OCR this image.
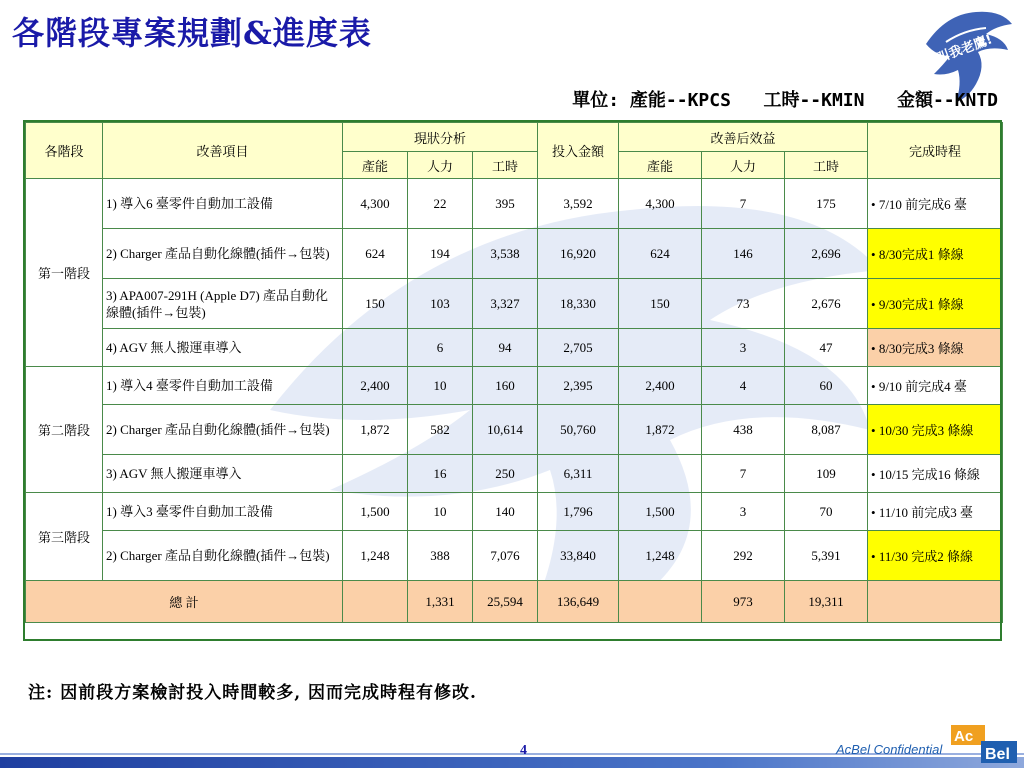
各階段專案規劃&進度表	叫我老鷹!
單位: 產能--KPCS   工時--KMIN   金額--KNTD
各階段	改善項目	現狀分析			投入金額	改善后效益			完成時程
		產能	人力	工時		產能	人力	工時	
第一階段	1) 導入6 臺零件自動加工設備	4,300	22	395	3,592	4,300	7	175	• 7/10 前完成6 臺
	2) Charger 產品自動化線體(插件→包裝)	624	194	3,538	16,920	624	146	2,696	• 8/30完成1 條線
	3) APA007-291H (Apple D7) 產品自動化線體(插件→包裝)	150	103	3,327	18,330	150	73	2,676	• 9/30完成1 條線
	4) AGV 無人搬運車導入		6	94	2,705		3	47	• 8/30完成3 條線
第二階段	1) 導入4 臺零件自動加工設備	2,400	10	160	2,395	2,400	4	60	• 9/10 前完成4 臺
	2) Charger 產品自動化線體(插件→包裝)	1,872	582	10,614	50,760	1,872	438	8,087	• 10/30 完成3 條線
	3) AGV 無人搬運車導入		16	250	6,311		7	109	• 10/15 完成16 條線
第三階段	1) 導入3 臺零件自動加工設備	1,500	10	140	1,796	1,500	3	70	• 11/10 前完成3 臺
	2) Charger 產品自動化線體(插件→包裝)	1,248	388	7,076	33,840	1,248	292	5,391	• 11/30 完成2 條線
總 計			1,331	25,594	136,649		973	19,311	
注: 因前段方案檢討投入時間較多, 因而完成時程有修改.
4	AcBel Confidential
Ac
Bel
